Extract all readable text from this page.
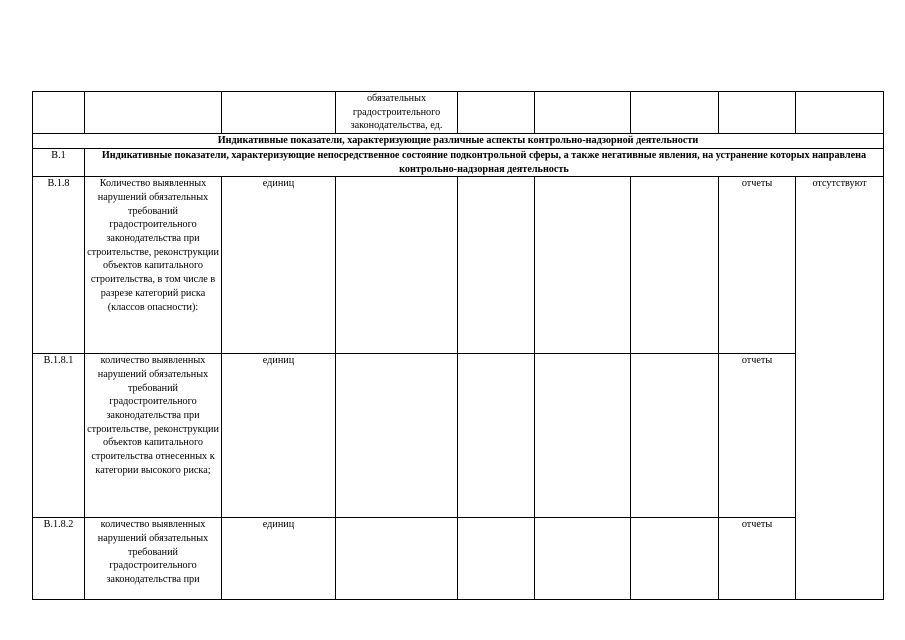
			обязательных градостроительного законодательства, ед.					
Индикативные показатели, характеризующие различные аспекты контрольно-надзорной деятельности								
В.1	Индикативные показатели, характеризующие непосредственное состояние подконтрольной сферы, а также негативные явления, на устранение которых направлена контрольно-надзорная деятельность							
В.1.8	Количество выявленных нарушений обязательных требований градостроительного законодательства при строительстве, реконструкции объектов капитального строительства, в том числе в разрезе категорий риска (классов опасности):	единиц					отчеты	отсутствуют
В.1.8.1	количество выявленных нарушений обязательных требований градостроительного законодательства при строительстве, реконструкции объектов капитального строительства отнесенных к категории высокого риска;	единиц					отчеты	
В.1.8.2	количество выявленных нарушений обязательных требований градостроительного законодательства при	единиц					отчеты	
